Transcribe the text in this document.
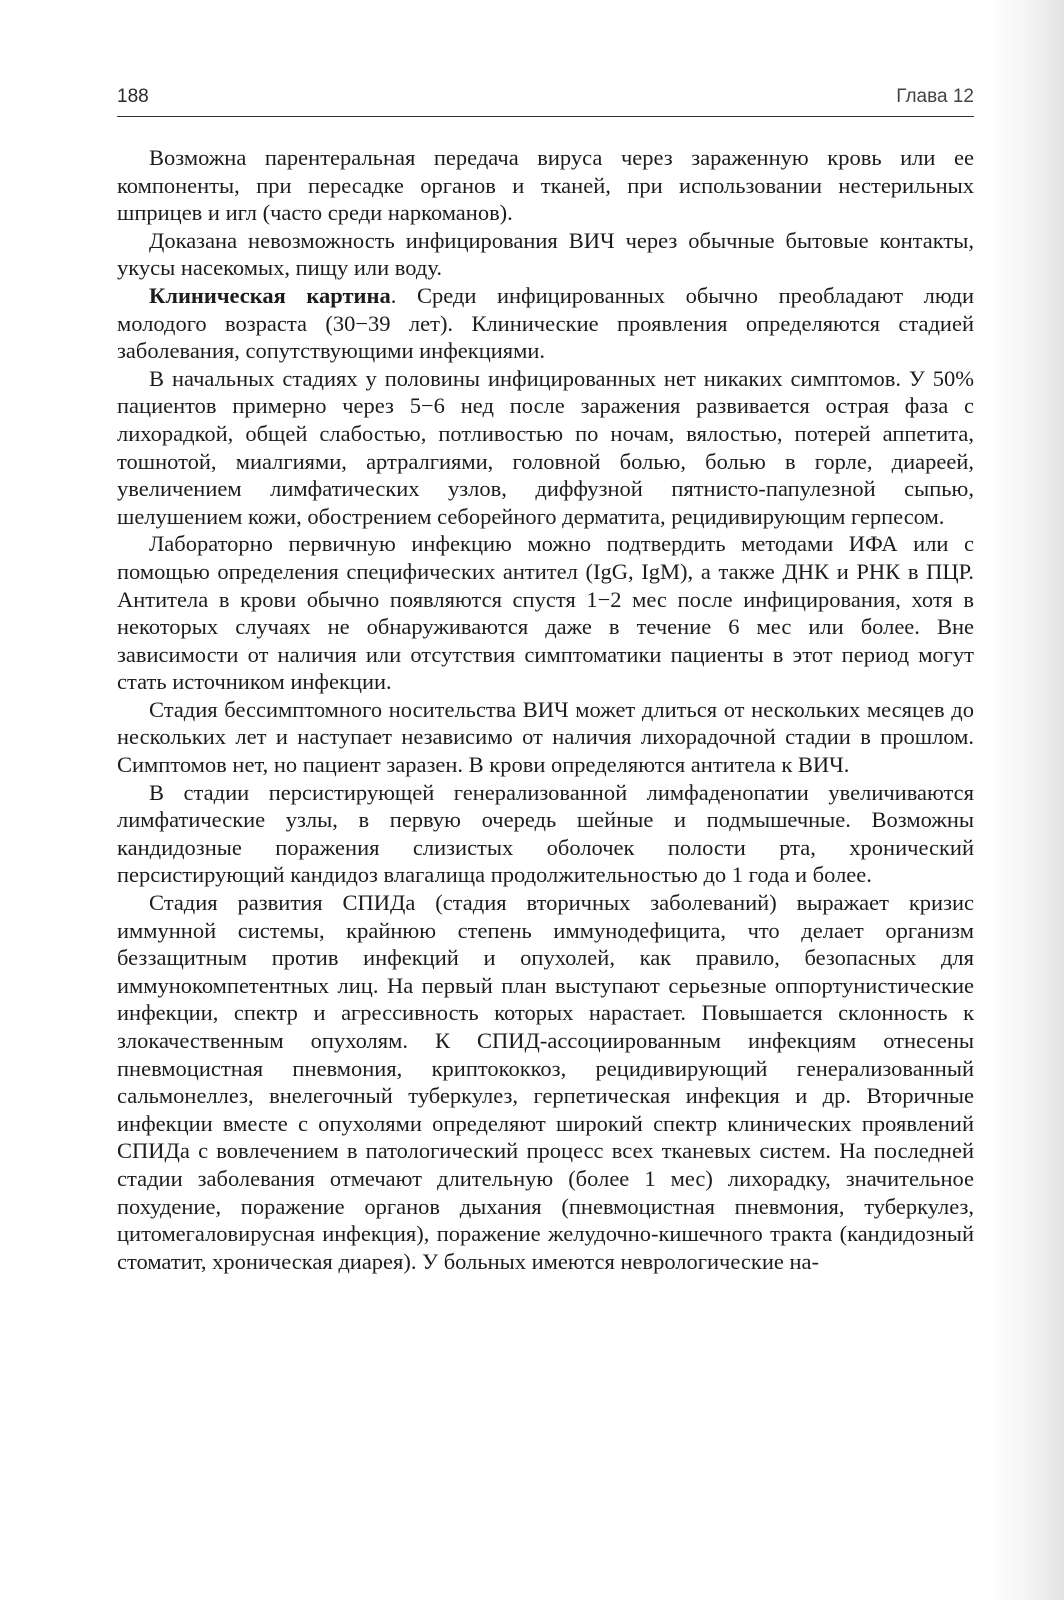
188	Глава 12

Возможна парентеральная передача вируса через зараженную кровь или ее компоненты, при пересадке органов и тканей, при использовании нестерильных шприцев и игл (часто среди наркоманов).

Доказана невозможность инфицирования ВИЧ через обычные бытовые контакты, укусы насекомых, пищу или воду.

Клиническая картина. Среди инфицированных обычно преобладают люди молодого возраста (30−39 лет). Клинические проявления определяются стадией заболевания, сопутствующими инфекциями.

В начальных стадиях у половины инфицированных нет никаких симптомов. У 50% пациентов примерно через 5−6 нед после заражения развивается острая фаза с лихорадкой, общей слабостью, потливостью по ночам, вялостью, потерей аппетита, тошнотой, миалгиями, артралгиями, головной болью, болью в горле, диареей, увеличением лимфатических узлов, диффузной пятнисто-папулезной сыпью, шелушением кожи, обострением себорейного дерматита, рецидивирующим герпесом.

Лабораторно первичную инфекцию можно подтвердить методами ИФА или с помощью определения специфических антител (IgG, IgM), а также ДНК и РНК в ПЦР. Антитела в крови обычно появляются спустя 1−2 мес после инфицирования, хотя в некоторых случаях не обнаруживаются даже в течение 6 мес или более. Вне зависимости от наличия или отсутствия симптоматики пациенты в этот период могут стать источником инфекции.

Стадия бессимптомного носительства ВИЧ может длиться от нескольких месяцев до нескольких лет и наступает независимо от наличия лихорадочной стадии в прошлом. Симптомов нет, но пациент заразен. В крови определяются антитела к ВИЧ.

В стадии персистирующей генерализованной лимфаденопатии увеличиваются лимфатические узлы, в первую очередь шейные и подмышечные. Возможны кандидозные поражения слизистых оболочек полости рта, хронический персистирующий кандидоз влагалища продолжительностью до 1 года и более.

Стадия развития СПИДа (стадия вторичных заболеваний) выражает кризис иммунной системы, крайнюю степень иммунодефицита, что делает организм беззащитным против инфекций и опухолей, как правило, безопасных для иммунокомпетентных лиц. На первый план выступают серьезные оппортунистические инфекции, спектр и агрессивность которых нарастает. Повышается склонность к злокачественным опухолям. К СПИД-ассоциированным инфекциям отнесены пневмоцистная пневмония, криптококкоз, рецидивирующий генерализованный сальмонеллез, внелегочный туберкулез, герпетическая инфекция и др. Вторичные инфекции вместе с опухолями определяют широкий спектр клинических проявлений СПИДа с вовлечением в патологический процесс всех тканевых систем. На последней стадии заболевания отмечают длительную (более 1 мес) лихорадку, значительное похудение, поражение органов дыхания (пневмоцистная пневмония, туберкулез, цитомегаловирусная инфекция), поражение желудочно-кишечного тракта (кандидозный стоматит, хроническая диарея). У больных имеются неврологические на-
